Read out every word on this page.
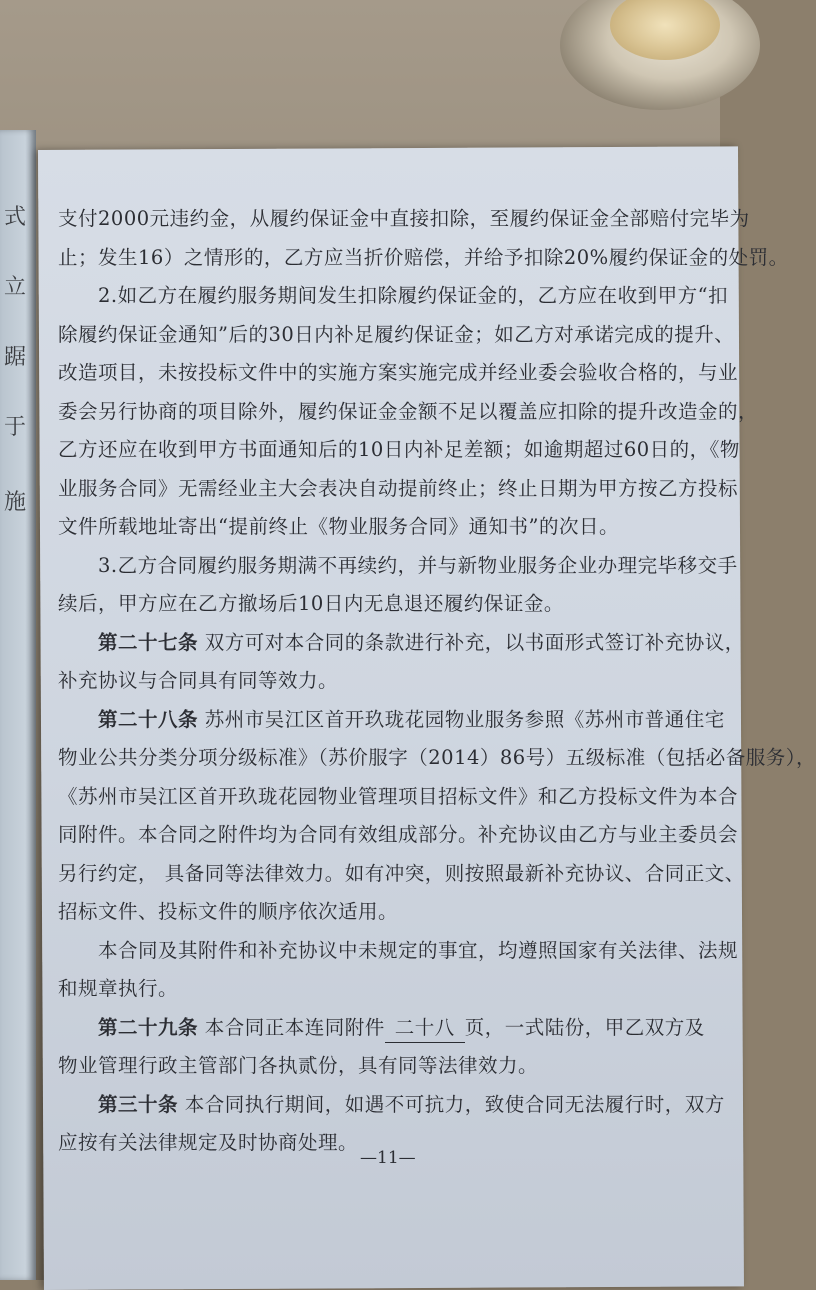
式
立
踞
于
施
支付2000元违约金，从履约保证金中直接扣除，至履约保证金全部赔付完毕为
止；发生16）之情形的，乙方应当折价赔偿，并给予扣除20%履约保证金的处罚。
2.如乙方在履约服务期间发生扣除履约保证金的，乙方应在收到甲方“扣
除履约保证金通知”后的30日内补足履约保证金；如乙方对承诺完成的提升、
改造项目，未按投标文件中的实施方案实施完成并经业委会验收合格的，与业
委会另行协商的项目除外，履约保证金金额不足以覆盖应扣除的提升改造金的，
乙方还应在收到甲方书面通知后的10日内补足差额；如逾期超过60日的，《物
业服务合同》无需经业主大会表决自动提前终止；终止日期为甲方按乙方投标
文件所载地址寄出“提前终止《物业服务合同》通知书”的次日。
3.乙方合同履约服务期满不再续约，并与新物业服务企业办理完毕移交手
续后，甲方应在乙方撤场后10日内无息退还履约保证金。
第二十七条 双方可对本合同的条款进行补充，以书面形式签订补充协议，
补充协议与合同具有同等效力。
第二十八条 苏州市吴江区首开玖珑花园物业服务参照《苏州市普通住宅
物业公共分类分项分级标准》（苏价服字（2014）86号）五级标准（包括必备服务），
《苏州市吴江区首开玖珑花园物业管理项目招标文件》和乙方投标文件为本合
同附件。本合同之附件均为合同有效组成部分。补充协议由乙方与业主委员会
另行约定， 具备同等法律效力。如有冲突，则按照最新补充协议、合同正文、
招标文件、投标文件的顺序依次适用。
本合同及其附件和补充协议中未规定的事宜，均遵照国家有关法律、法规
和规章执行。
第二十九条 本合同正本连同附件 二十八 页，一式陆份，甲乙双方及
物业管理行政主管部门各执贰份，具有同等法律效力。
第三十条 本合同执行期间，如遇不可抗力，致使合同无法履行时，双方
应按有关法律规定及时协商处理。
—11—
